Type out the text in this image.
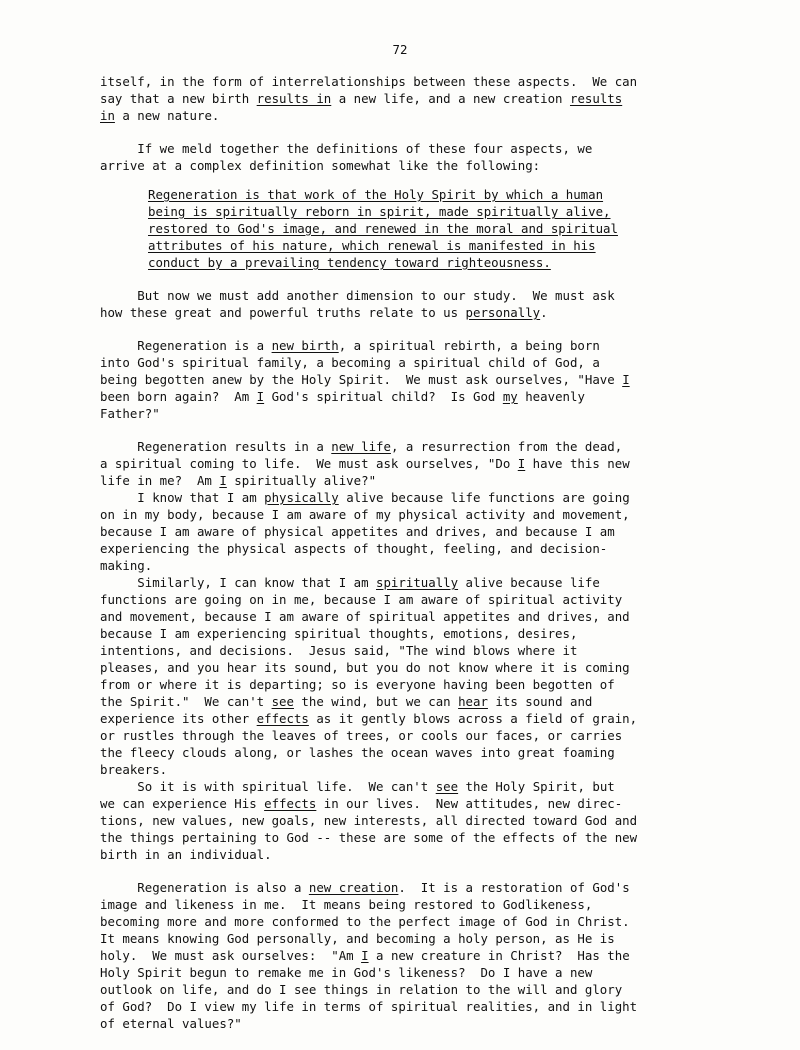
72
itself, in the form of interrelationships between these aspects.  We can
say that a new birth results in a new life, and a new creation results
in a new nature.
If we meld together the definitions of these four aspects, we
arrive at a complex definition somewhat like the following:
Regeneration is that work of the Holy Spirit by which a human
being is spiritually reborn in spirit, made spiritually alive,
restored to God's image, and renewed in the moral and spiritual
attributes of his nature, which renewal is manifested in his
conduct by a prevailing tendency toward righteousness.
But now we must add another dimension to our study.  We must ask
how these great and powerful truths relate to us personally.
Regeneration is a new birth, a spiritual rebirth, a being born
into God's spiritual family, a becoming a spiritual child of God, a
being begotten anew by the Holy Spirit.  We must ask ourselves, "Have I
been born again?  Am I God's spiritual child?  Is God my heavenly
Father?"
Regeneration results in a new life, a resurrection from the dead,
a spiritual coming to life.  We must ask ourselves, "Do I have this new
life in me?  Am I spiritually alive?"
I know that I am physically alive because life functions are going
on in my body, because I am aware of my physical activity and movement,
because I am aware of physical appetites and drives, and because I am
experiencing the physical aspects of thought, feeling, and decision-
making.
Similarly, I can know that I am spiritually alive because life
functions are going on in me, because I am aware of spiritual activity
and movement, because I am aware of spiritual appetites and drives, and
because I am experiencing spiritual thoughts, emotions, desires,
intentions, and decisions.  Jesus said, "The wind blows where it
pleases, and you hear its sound, but you do not know where it is coming
from or where it is departing; so is everyone having been begotten of
the Spirit."  We can't see the wind, but we can hear its sound and
experience its other effects as it gently blows across a field of grain,
or rustles through the leaves of trees, or cools our faces, or carries
the fleecy clouds along, or lashes the ocean waves into great foaming
breakers.
So it is with spiritual life.  We can't see the Holy Spirit, but
we can experience His effects in our lives.  New attitudes, new direc-
tions, new values, new goals, new interests, all directed toward God and
the things pertaining to God -- these are some of the effects of the new
birth in an individual.
Regeneration is also a new creation.  It is a restoration of God's
image and likeness in me.  It means being restored to Godlikeness,
becoming more and more conformed to the perfect image of God in Christ.
It means knowing God personally, and becoming a holy person, as He is
holy.  We must ask ourselves:  "Am I a new creature in Christ?  Has the
Holy Spirit begun to remake me in God's likeness?  Do I have a new
outlook on life, and do I see things in relation to the will and glory
of God?  Do I view my life in terms of spiritual realities, and in light
of eternal values?"
